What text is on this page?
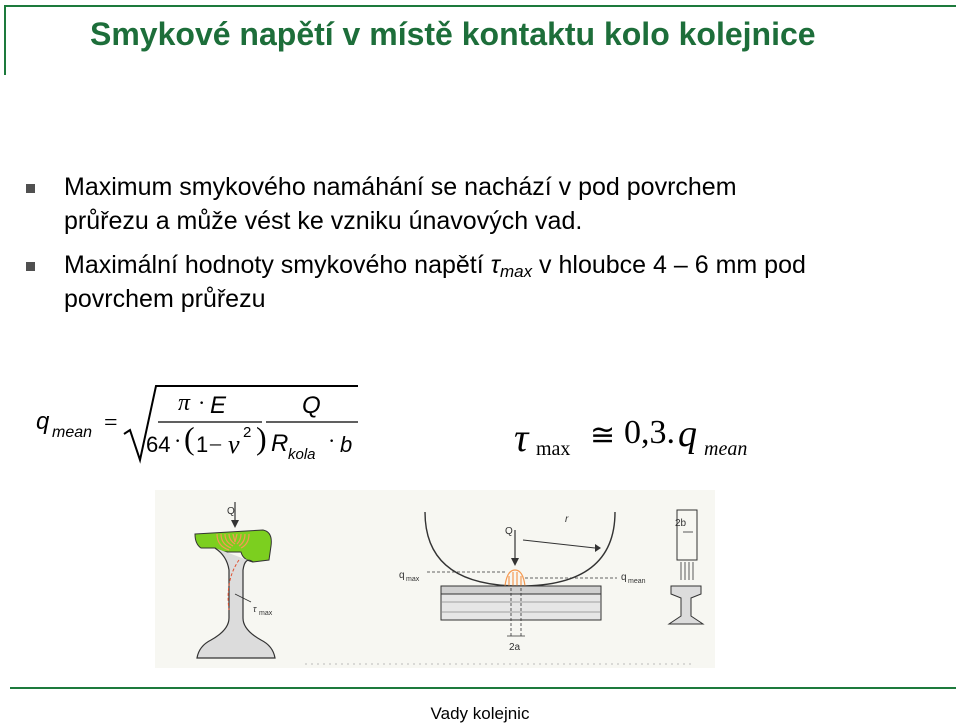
Smykové napětí v místě kontaktu kolo kolejnice
Maximum smykového namáhání se nachází v pod povrchem
průřezu a může vést ke vzniku únavových vad.
Maximální hodnoty smykového napětí $\tau_{max}$ v hloubce 4 – 6 mm pod
povrchem průřezu
q mean =
π · E	Q
64 · ( 1 – ν 2 ) R kola
· b	τ max ≅ 0,3. q mean
Q
τ max
Q
r
q max	q mean
2a
2b
Vady kolejnic
